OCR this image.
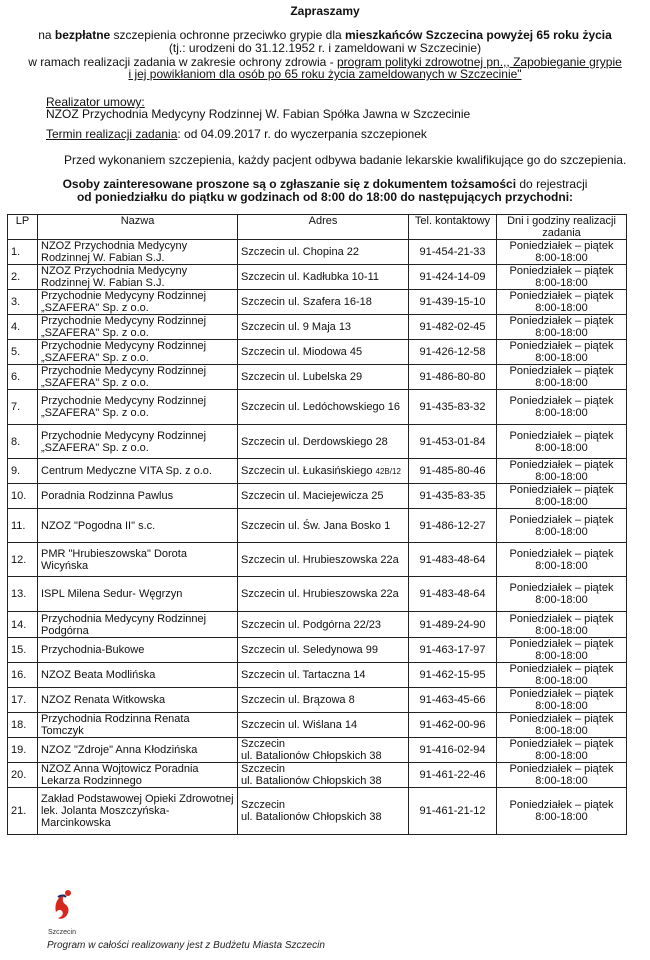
Zapraszamy
na bezpłatne szczepienia ochronne przeciwko grypie dla mieszkańców Szczecina powyżej 65 roku życia
(tj.: urodzeni do 31.12.1952 r. i zameldowani w Szczecinie)
w ramach realizacji zadania w zakresie ochrony zdrowia - program polityki zdrowotnej pn.,, Zapobieganie grypie
i jej powikłaniom dla osób po 65 roku życia zameldowanych w Szczecinie"
Realizator umowy:
NZOZ Przychodnia Medycyny Rodzinnej W. Fabian Spółka Jawna w Szczecinie
Termin realizacji zadania: od 04.09.2017 r. do wyczerpania szczepionek
Przed wykonaniem szczepienia, każdy pacjent odbywa badanie lekarskie kwalifikujące go do szczepienia.
Osoby zainteresowane proszone są o zgłaszanie się z dokumentem tożsamości do rejestracji
od poniedziałku do piątku w godzinach od 8:00 do 18:00 do następujących przychodni:
LP	Nazwa	Adres	Tel. kontaktowy	Dni i godziny realizacji zadania
1.	NZOZ Przychodnia Medycyny Rodzinnej W. Fabian S.J.	Szczecin ul. Chopina 22	91-454-21-33	Poniedziałek – piątek
8:00-18:00
2.	NZOZ Przychodnia Medycyny Rodzinnej W. Fabian S.J.	Szczecin ul. Kadłubka 10-11	91-424-14-09	Poniedziałek – piątek
8:00-18:00
3.	Przychodnie Medycyny Rodzinnej „SZAFERA" Sp. z o.o.	Szczecin ul. Szafera 16-18	91-439-15-10	Poniedziałek – piątek
8:00-18:00
4.	Przychodnie Medycyny Rodzinnej „SZAFERA" Sp. z o.o.	Szczecin ul. 9 Maja 13	91-482-02-45	Poniedziałek – piątek
8:00-18:00
5.	Przychodnie Medycyny Rodzinnej „SZAFERA" Sp. z o.o.	Szczecin ul. Miodowa 45	91-426-12-58	Poniedziałek – piątek
8:00-18:00
6.	Przychodnie Medycyny Rodzinnej „SZAFERA" Sp. z o.o.	Szczecin ul. Lubelska 29	91-486-80-80	Poniedziałek – piątek
8:00-18:00
7.	Przychodnie Medycyny Rodzinnej „SZAFERA" Sp. z o.o.	Szczecin ul. Ledóchowskiego 16	91-435-83-32	Poniedziałek – piątek
8:00-18:00
8.	Przychodnie Medycyny Rodzinnej „SZAFERA" Sp. z o.o.	Szczecin ul. Derdowskiego 28	91-453-01-84	Poniedziałek – piątek
8:00-18:00
9.	Centrum Medyczne VITA Sp. z o.o.	Szczecin ul. Łukasińskiego 42B/12	91-485-80-46	Poniedziałek – piątek
8:00-18:00
10.	Poradnia Rodzinna Pawlus	Szczecin ul. Maciejewicza 25	91-435-83-35	Poniedziałek – piątek
8:00-18:00
11.	NZOZ "Pogodna II" s.c.	Szczecin ul. Św. Jana Bosko 1	91-486-12-27	Poniedziałek – piątek
8:00-18:00
12.	PMR "Hrubieszowska" Dorota Wicyńska	Szczecin ul. Hrubieszowska 22a	91-483-48-64	Poniedziałek – piątek
8:00-18:00
13.	ISPL Milena Sedur- Węgrzyn	Szczecin ul. Hrubieszowska 22a	91-483-48-64	Poniedziałek – piątek
8:00-18:00
14.	Przychodnia Medycyny Rodzinnej Podgórna	Szczecin ul. Podgórna 22/23	91-489-24-90	Poniedziałek – piątek
8:00-18:00
15.	Przychodnia-Bukowe	Szczecin ul. Seledynowa 99	91-463-17-97	Poniedziałek – piątek
8:00-18:00
16.	NZOZ Beata Modlińska	Szczecin ul. Tartaczna 14	91-462-15-95	Poniedziałek – piątek
8:00-18:00
17.	NZOZ Renata Witkowska	Szczecin ul. Brązowa 8	91-463-45-66	Poniedziałek – piątek
8:00-18:00
18.	Przychodnia Rodzinna Renata Tomczyk	Szczecin ul. Wiślana 14	91-462-00-96	Poniedziałek – piątek
8:00-18:00
19.	NZOZ "Zdroje" Anna Kłodzińska	Szczecin
ul. Batalionów Chłopskich 38	91-416-02-94	Poniedziałek – piątek
8:00-18:00
20.	NZOZ Anna Wojtowicz Poradnia Lekarza Rodzinnego	Szczecin
ul. Batalionów Chłopskich 38	91-461-22-46	Poniedziałek – piątek
8:00-18:00
21.	Zakład Podstawowej Opieki Zdrowotnej lek. Jolanta Moszczyńska-Marcinkowska	Szczecin
ul. Batalionów Chłopskich 38	91-461-21-12	Poniedziałek – piątek
8:00-18:00
Szczecin
Program w całości realizowany jest z Budżetu Miasta Szczecin
